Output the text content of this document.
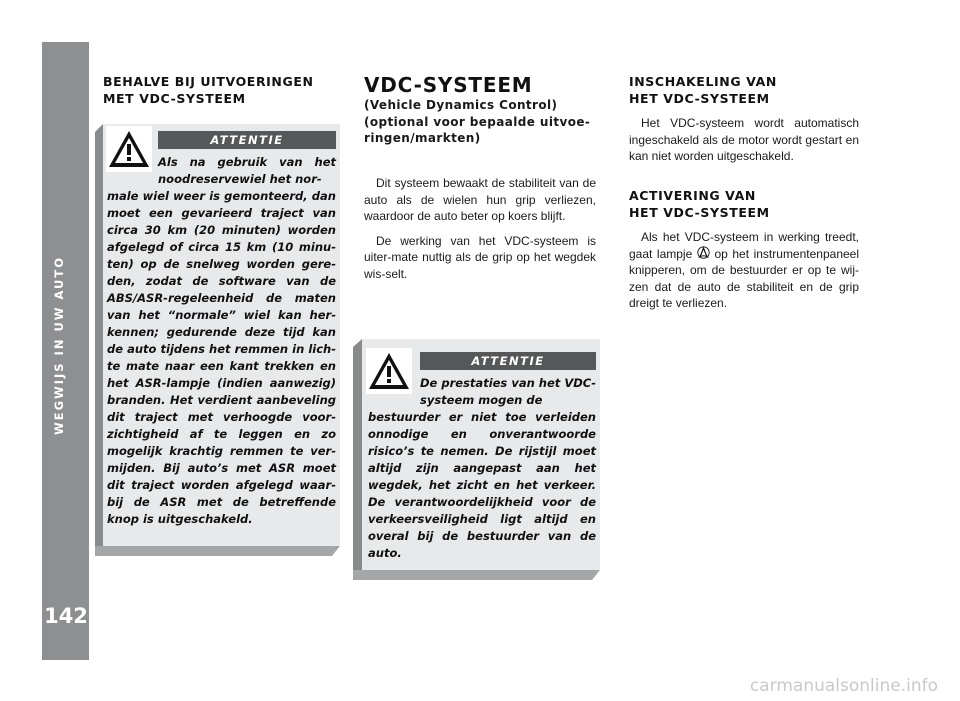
WEGWIJS IN UW AUTO
142
BEHALVE BIJ UITVOERINGEN
MET VDC-SYSTEEM
ATTENTIE

Als na gebruik van het noodreservewiel het nor-

male wiel weer is gemonteerd, dan moet een gevarieerd traject van circa 30 km (20 minuten) worden afgelegd of circa 15 km (10 minu-ten) op de snelweg worden gere-den, zodat de software van de ABS/ASR-regeleenheid de maten van het “normale” wiel kan her-kennen; gedurende deze tijd kan de auto tijdens het remmen in lich-te mate naar een kant trekken en het ASR-lampje (indien aanwezig) branden. Het verdient aanbeveling dit traject met verhoogde voor-zichtigheid af te leggen en zo mogelijk krachtig remmen te ver-mijden. Bij auto’s met ASR moet dit traject worden afgelegd waar-bij de ASR met de betreffende knop is uitgeschakeld.

VDC-SYSTEEM

(Vehicle Dynamics Control) (optional voor bepaalde uitvoe-ringen/markten)

Dit systeem bewaakt de stabiliteit van de auto als de wielen hun grip verliezen, waardoor de auto beter op koers blijft.

De werking van het VDC-systeem is uiter-mate nuttig als de grip op het wegdek wis-selt.

ATTENTIE

De prestaties van het VDC-systeem mogen de

bestuurder er niet toe verleiden onnodige en onverantwoorde risico’s te nemen. De rijstijl moet altijd zijn aangepast aan het wegdek, het zicht en het verkeer. De verantwoordelijkheid voor de verkeersveiligheid ligt altijd en overal bij de bestuurder van de auto.

INSCHAKELING VAN
HET VDC-SYSTEEM

Het VDC-systeem wordt automatisch ingeschakeld als de motor wordt gestart en kan niet worden uitgeschakeld.

ACTIVERING VAN
HET VDC-SYSTEEM

Als het VDC-systeem in werking treedt, gaat lampje op het instrumentenpaneel knipperen, om de bestuurder er op te wij-zen dat de auto de stabiliteit en de grip dreigt te verliezen.

carmanualsonline.info
